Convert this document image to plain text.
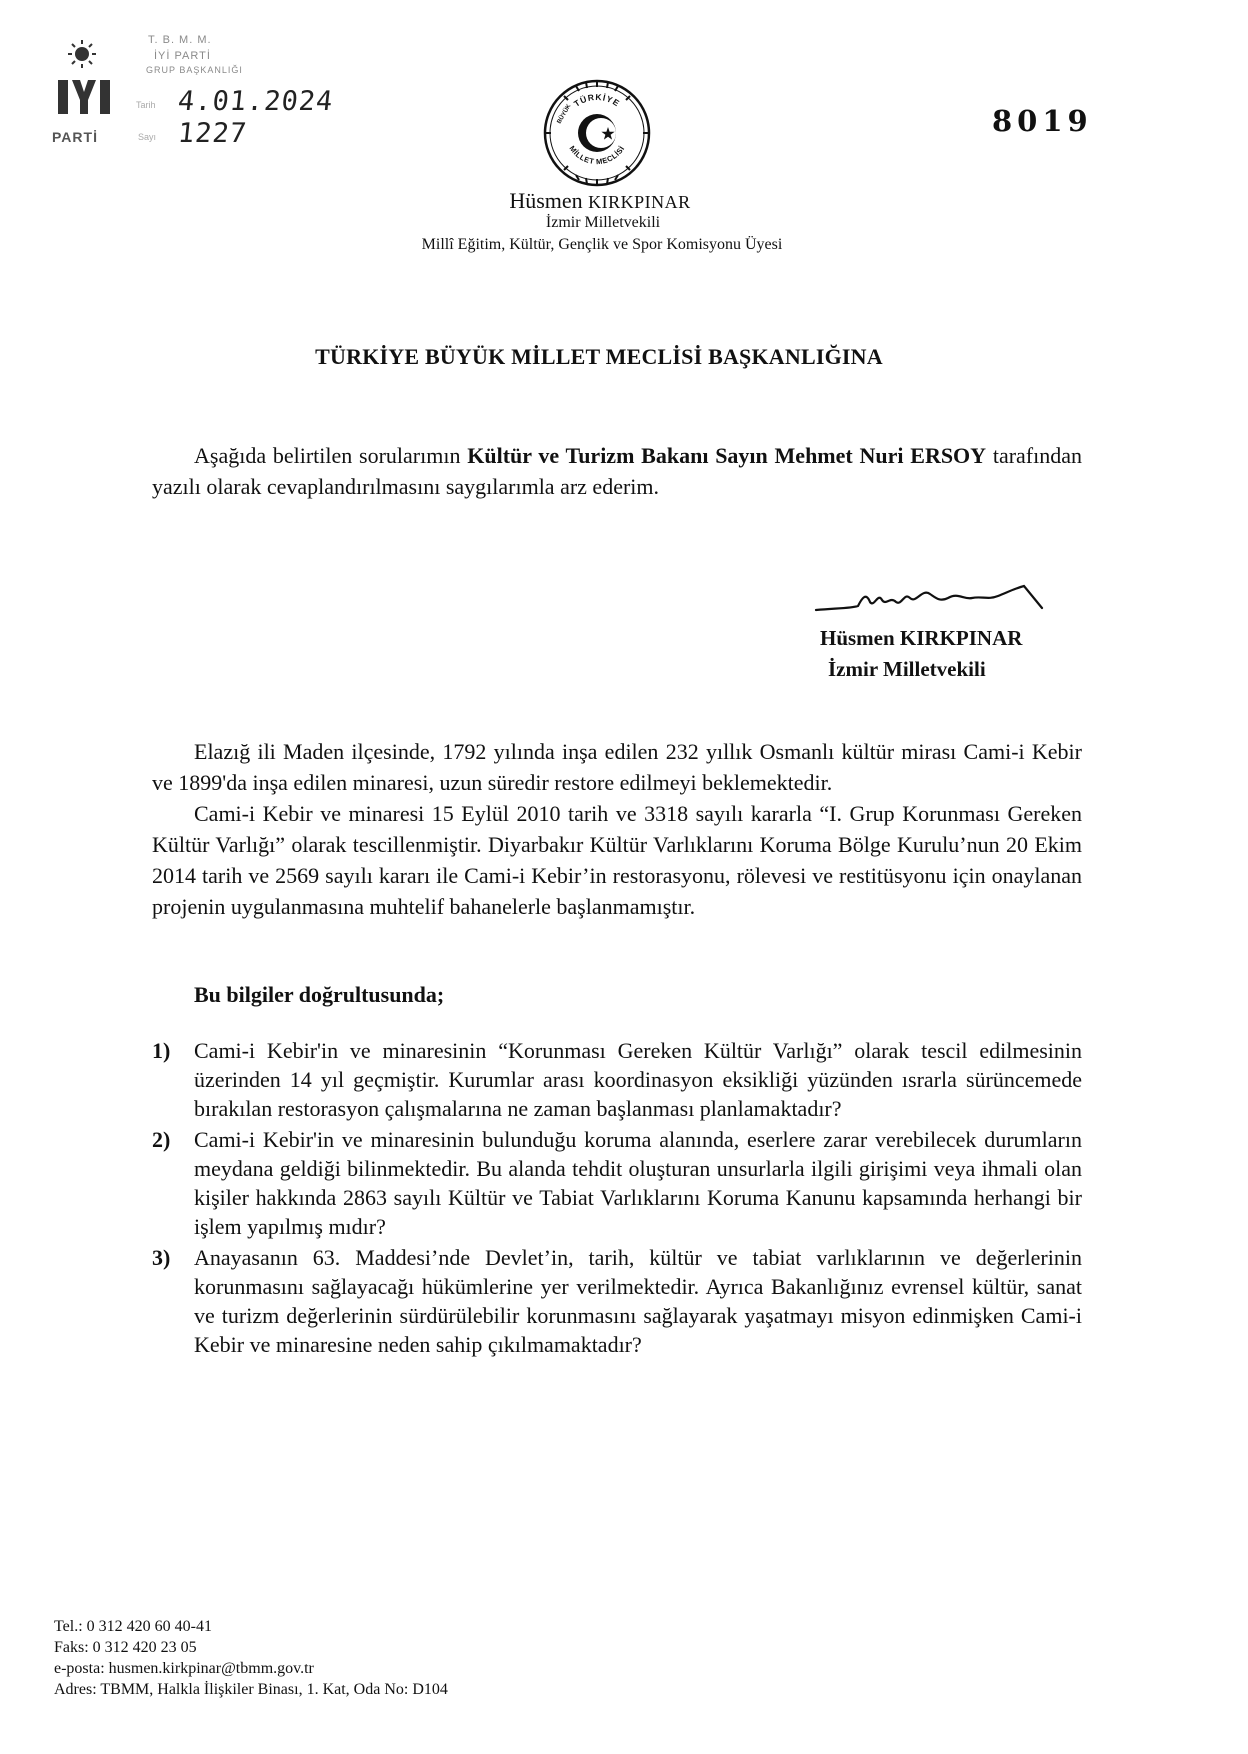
PARTİ
T. B. M. M.
İYİ PARTİ
GRUP BAŞKANLIĞI
Tarih 4.01.2024
Sayı 1227
TÜRKİYE
MİLLET MECLİSİ
BÜYÜK	8019
Hüsmen KIRKPINAR
İzmir Milletvekili
Millî Eğitim, Kültür, Gençlik ve Spor Komisyonu Üyesi
TÜRKİYE BÜYÜK MİLLET MECLİSİ BAŞKANLIĞINA
Aşağıda belirtilen sorularımın Kültür ve Turizm Bakanı Sayın Mehmet Nuri ERSOY tarafından yazılı olarak cevaplandırılmasını saygılarımla arz ederim.
Hüsmen KIRKPINAR
İzmir Milletvekili
Elazığ ili Maden ilçesinde, 1792 yılında inşa edilen 232 yıllık Osmanlı kültür mirası Cami-i Kebir ve 1899'da inşa edilen minaresi, uzun süredir restore edilmeyi beklemektedir.
Cami-i Kebir ve minaresi 15 Eylül 2010 tarih ve 3318 sayılı kararla “I. Grup Korunması Gereken Kültür Varlığı” olarak tescillenmiştir. Diyarbakır Kültür Varlıklarını Koruma Bölge Kurulu’nun 20 Ekim 2014 tarih ve 2569 sayılı kararı ile Cami-i Kebir’in restorasyonu, rölevesi ve restitüsyonu için onaylanan projenin uygulanmasına muhtelif bahanelerle başlanmamıştır.
Bu bilgiler doğrultusunda;
1) Cami-i Kebir'in ve minaresinin “Korunması Gereken Kültür Varlığı” olarak tescil edilmesinin üzerinden 14 yıl geçmiştir. Kurumlar arası koordinasyon eksikliği yüzünden ısrarla sürüncemede bırakılan restorasyon çalışmalarına ne zaman başlanması planlamaktadır?
2) Cami-i Kebir'in ve minaresinin bulunduğu koruma alanında, eserlere zarar verebilecek durumların meydana geldiği bilinmektedir. Bu alanda tehdit oluşturan unsurlarla ilgili girişimi veya ihmali olan kişiler hakkında 2863 sayılı Kültür ve Tabiat Varlıklarını Koruma Kanunu kapsamında herhangi bir işlem yapılmış mıdır?
3) Anayasanın 63. Maddesi’nde Devlet’in, tarih, kültür ve tabiat varlıklarının ve değerlerinin korunmasını sağlayacağı hükümlerine yer verilmektedir. Ayrıca Bakanlığınız evrensel kültür, sanat ve turizm değerlerinin sürdürülebilir korunmasını sağlayarak yaşatmayı misyon edinmişken Cami-i Kebir ve minaresine neden sahip çıkılmamaktadır?
Tel.: 0 312 420 60 40-41
Faks: 0 312 420 23 05
e-posta: husmen.kirkpinar@tbmm.gov.tr
Adres: TBMM, Halkla İlişkiler Binası, 1. Kat, Oda No: D104
